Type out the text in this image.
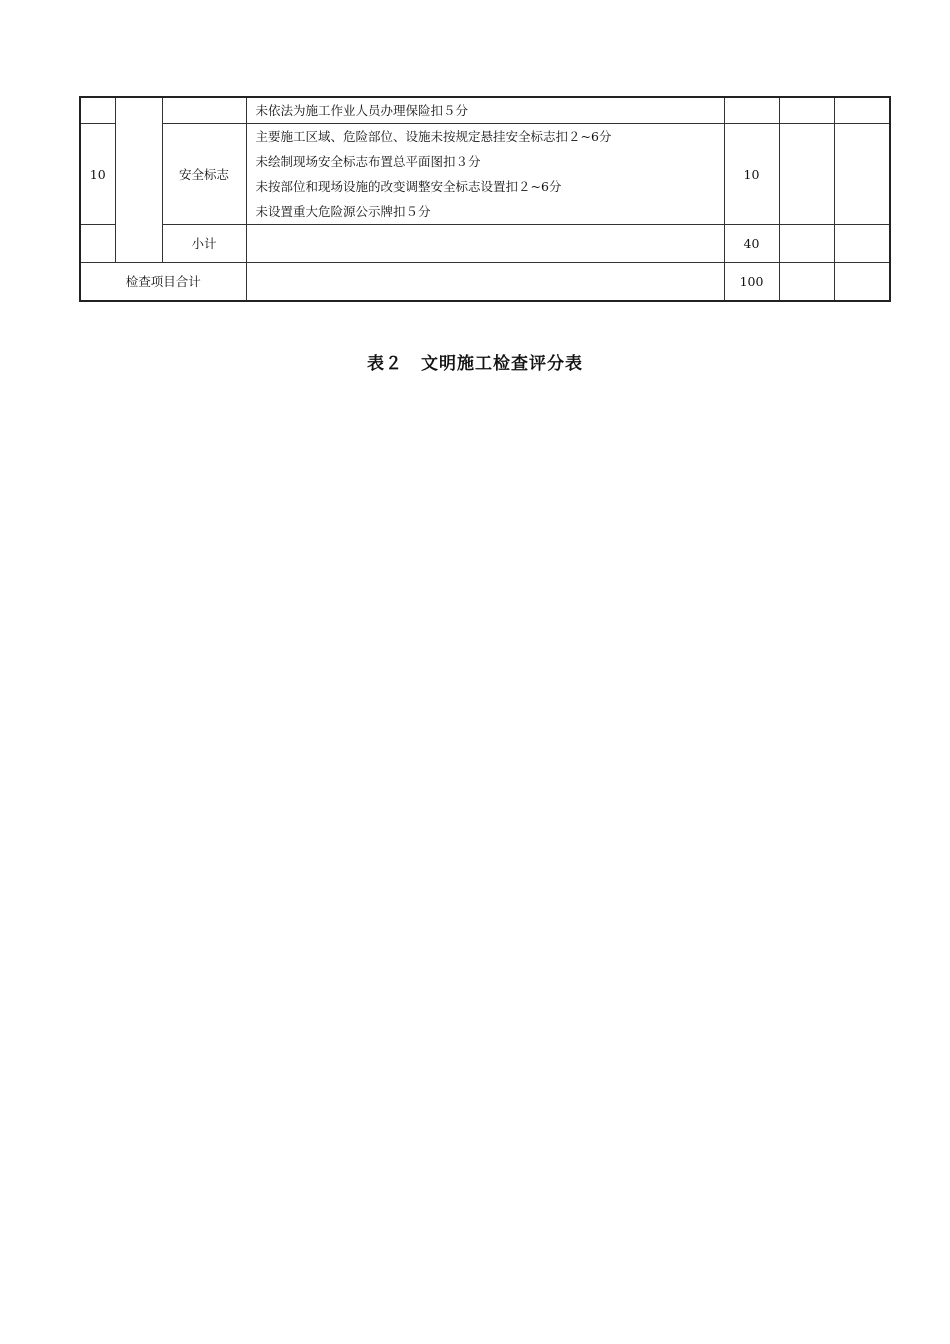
			未依法为施工作业人员办理保险扣５分			
10		安全标志	主要施工区域、危险部位、设施未按规定悬挂安全标志扣２~6分
未绘制现场安全标志布置总平面图扣３分
未按部位和现场设施的改变调整安全标志设置扣２~6分
未设置重大危险源公示牌扣５分	10		
		小计		40		
检查项目合计				100		
表２ 文明施工检查评分表
